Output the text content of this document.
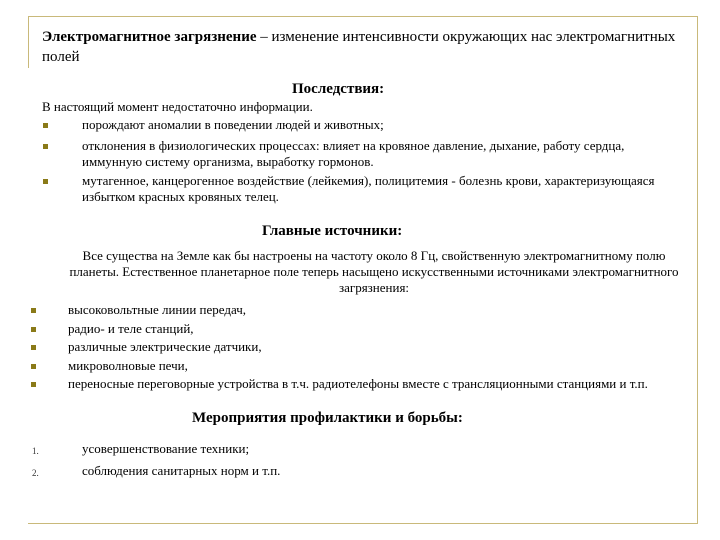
Электромагнитное загрязнение – изменение интенсивности окружающих нас электромагнитных полей
Последствия:
В настоящий момент недостаточно информации.
порождают аномалии в поведении людей и животных;
отклонения в физиологических процессах: влияет на кровяное давление, дыхание, работу сердца, иммунную систему организма, выработку гормонов.
мутагенное, канцерогенное воздействие (лейкемия), полицитемия - болезнь крови, характеризующаяся избытком красных кровяных телец.
Главные источники:
Все существа на Земле как бы настроены на частоту около 8 Гц, свойственную электромагнитному полю планеты. Естественное планетарное поле теперь насыщено искусственными источниками электромагнитного загрязнения:
высоковольтные линии передач,
радио- и теле станций,
различные электрические датчики,
микроволновые печи,
переносные переговорные устройства в т.ч. радиотелефоны вместе с трансляционными станциями и т.п.
Мероприятия профилактики и борьбы:
1.	усовершенствование техники;
2.	соблюдения санитарных норм и т.п.
